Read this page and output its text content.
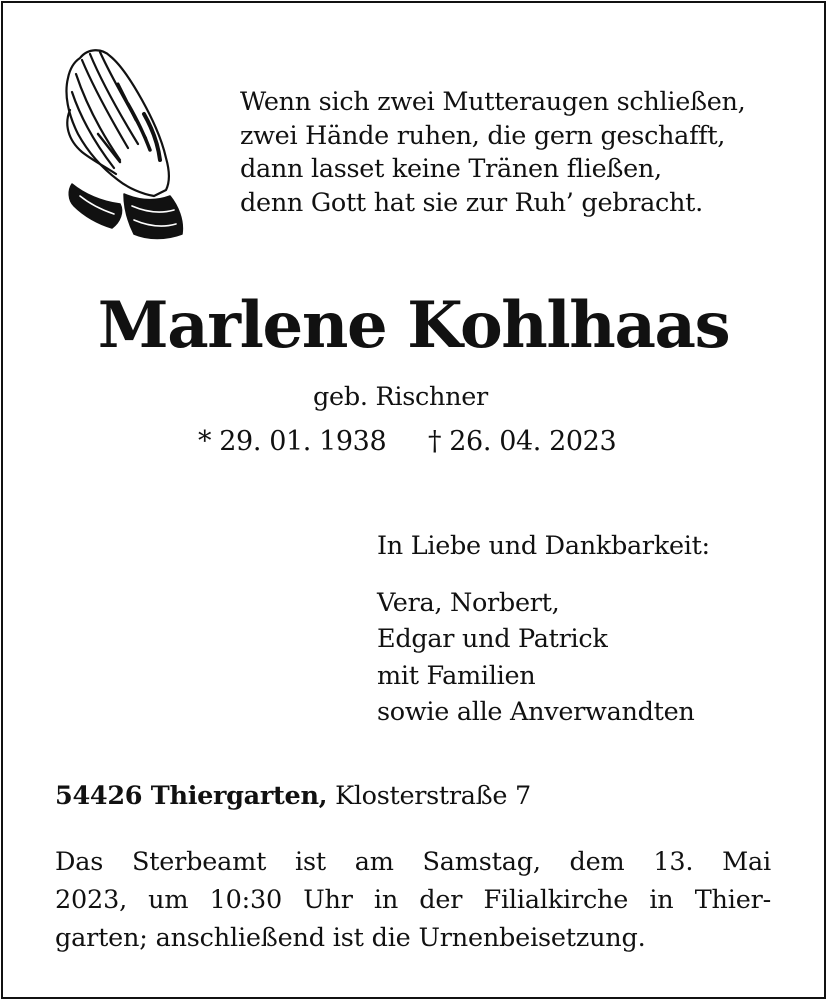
Wenn sich zwei Mutteraugen schließen,
zwei Hände ruhen, die gern geschafft,
dann lasset keine Tränen fließen,
denn Gott hat sie zur Ruh’ gebracht.
Marlene Kohlhaas
geb. Rischner
* 29. 01. 1938 † 26. 04. 2023
In Liebe und Dankbarkeit:
Vera, Norbert,
Edgar und Patrick
mit Familien
sowie alle Anverwandten
54426 Thiergarten, Klosterstraße 7
Das Sterbeamt ist am Samstag, dem 13. Mai
2023, um 10:30 Uhr in der Filialkirche in Thier-
garten; anschließend ist die Urnenbeisetzung.
